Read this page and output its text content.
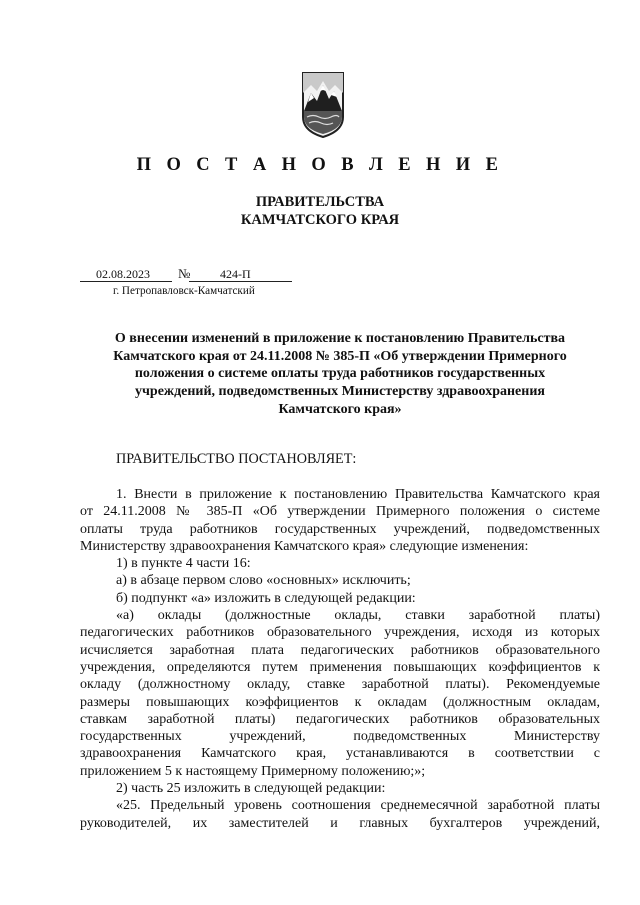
П О С Т А Н О В Л Е Н И Е
ПРАВИТЕЛЬСТВА
КАМЧАТСКОГО КРАЯ
02.08.2023 № 424-П
г. Петропавловск-Камчатский
О внесении изменений в приложение к постановлению Правительства
Камчатского края от 24.11.2008 № 385-П «Об утверждении Примерного
положения о системе оплаты труда работников государственных
учреждений, подведомственных Министерству здравоохранения
Камчатского края»
ПРАВИТЕЛЬСТВО ПОСТАНОВЛЯЕТ:
1. Внести в приложение к постановлению Правительства Камчатского края
от 24.11.2008 № 385-П «Об утверждении Примерного положения о системе
оплаты труда работников государственных учреждений, подведомственных
Министерству здравоохранения Камчатского края» следующие изменения:
1) в пункте 4 части 16:
а) в абзаце первом слово «основных» исключить;
б) подпункт «а» изложить в следующей редакции:
«а) оклады (должностные оклады, ставки заработной платы)
педагогических работников образовательного учреждения, исходя из которых
исчисляется заработная плата педагогических работников образовательного
учреждения, определяются путем применения повышающих коэффициентов к
окладу (должностному окладу, ставке заработной платы). Рекомендуемые
размеры повышающих коэффициентов к окладам (должностным окладам,
ставкам заработной платы) педагогических работников образовательных
государственных учреждений, подведомственных Министерству
здравоохранения Камчатского края, устанавливаются в соответствии с
приложением 5 к настоящему Примерному положению;»;
2) часть 25 изложить в следующей редакции:
«25. Предельный уровень соотношения среднемесячной заработной платы
руководителей, их заместителей и главных бухгалтеров учреждений,
